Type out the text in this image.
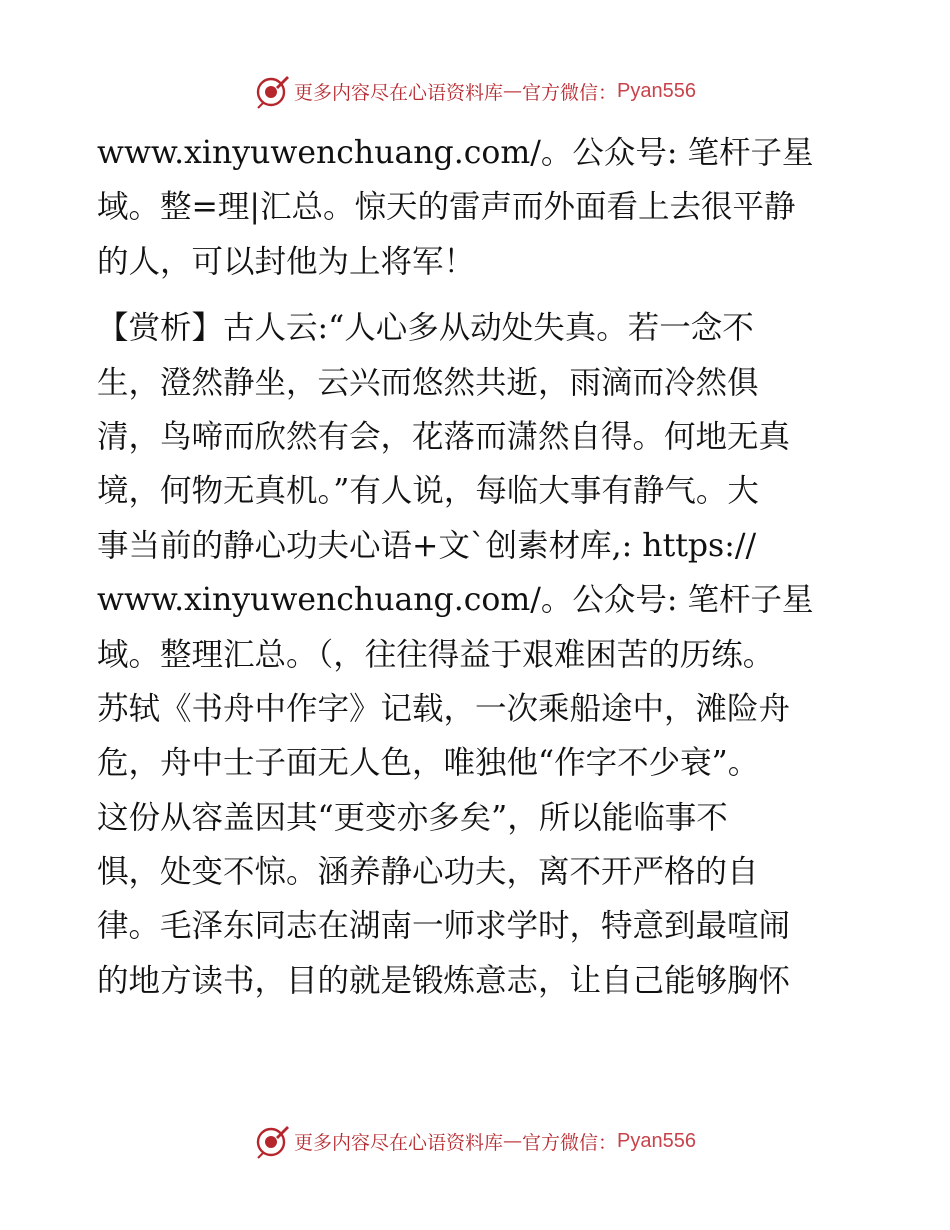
更多内容尽在心语资料库 — 官方微信： Pyan556
www.xinyuwenchuang.com/。公众号: 笔杆子星
域。整=理|汇总。惊天的雷声而外面看上去很平静
的人，可以封他为上将军！
【赏析】古人云:“人心多从动处失真。若一念不
生，澄然静坐，云兴而悠然共逝，雨滴而冷然俱
清，鸟啼而欣然有会，花落而潇然自得。何地无真
境，何物无真机。”有人说，每临大事有静气。大
事当前的静心功夫心语+文ˋ创素材库,: https://
www.xinyuwenchuang.com/。公众号: 笔杆子星
域。整理汇总。（，往往得益于艰难困苦的历练。
苏轼《书舟中作字》记载，一次乘船途中，滩险舟
危，舟中士子面无人色，唯独他“作字不少衰”。
这份从容盖因其“更变亦多矣”，所以能临事不
惧，处变不惊。涵养静心功夫，离不开严格的自
律。毛泽东同志在湖南一师求学时，特意到最喧闹
的地方读书，目的就是锻炼意志，让自己能够胸怀
更多内容尽在心语资料库 — 官方微信： Pyan556
